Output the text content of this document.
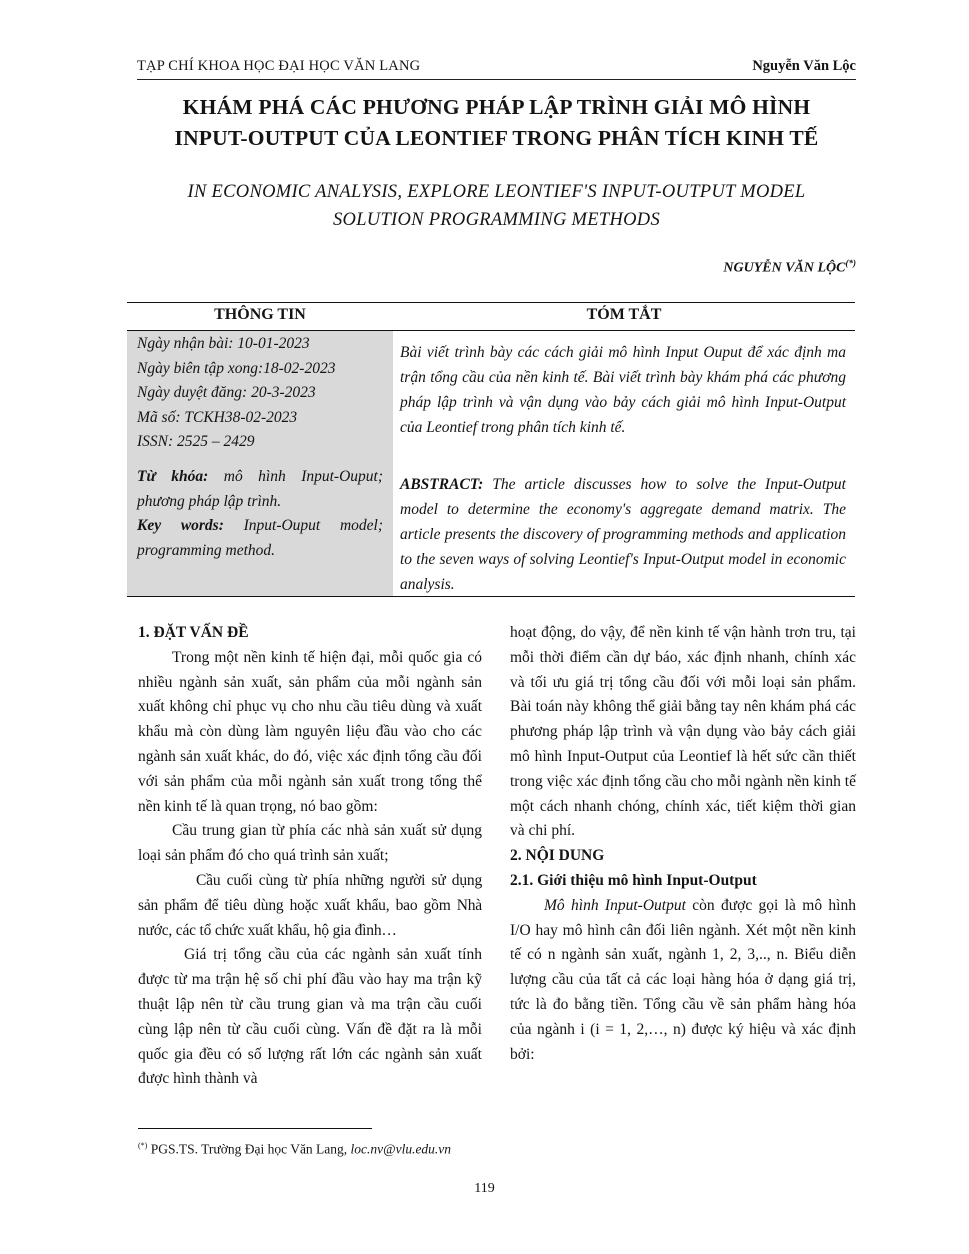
TẠP CHÍ KHOA HỌC ĐẠI HỌC VĂN LANG	Nguyễn Văn Lộc
KHÁM PHÁ CÁC PHƯƠNG PHÁP LẬP TRÌNH GIẢI MÔ HÌNH
INPUT-OUTPUT CỦA LEONTIEF TRONG PHÂN TÍCH KINH TẾ
IN ECONOMIC ANALYSIS, EXPLORE LEONTIEF'S INPUT-OUTPUT MODEL
SOLUTION PROGRAMMING METHODS
NGUYỄN VĂN LỘC(*)
THÔNG TIN	TÓM TẮT
Ngày nhận bài: 10-01-2023
Ngày biên tập xong:18-02-2023
Ngày duyệt đăng: 20-3-2023
Mã số: TCKH38-02-2023
ISSN: 2525 – 2429
Từ khóa: mô hình Input-Ouput; phương pháp lập trình.
Key words: Input-Ouput model; programming method.
Bài viết trình bày các cách giải mô hình Input Ouput để xác định ma trận tổng cầu của nền kinh tế. Bài viết trình bày khám phá các phương pháp lập trình và vận dụng vào bảy cách giải mô hình Input-Output của Leontief trong phân tích kinh tế.
ABSTRACT: The article discusses how to solve the Input-Output model to determine the economy's aggregate demand matrix. The article presents the discovery of programming methods and application to the seven ways of solving Leontief's Input-Output model in economic analysis.

1. ĐẶT VẤN ĐỀ

Trong một nền kinh tế hiện đại, mỗi quốc gia có nhiều ngành sản xuất, sản phẩm của mỗi ngành sản xuất không chỉ phục vụ cho nhu cầu tiêu dùng và xuất khẩu mà còn dùng làm nguyên liệu đầu vào cho các ngành sản xuất khác, do đó, việc xác định tổng cầu đối với sản phẩm của mỗi ngành sản xuất trong tổng thể nền kinh tế là quan trọng, nó bao gồm:

Cầu trung gian từ phía các nhà sản xuất sử dụng loại sản phẩm đó cho quá trình sản xuất;

Cầu cuối cùng từ phía những người sử dụng sản phẩm để tiêu dùng hoặc xuất khẩu, bao gồm Nhà nước, các tổ chức xuất khẩu, hộ gia đình…

Giá trị tổng cầu của các ngành sản xuất tính được từ ma trận hệ số chi phí đầu vào hay ma trận kỹ thuật lập nên từ cầu trung gian và ma trận cầu cuối cùng lập nên từ cầu cuối cùng. Vấn đề đặt ra là mỗi quốc gia đều có số lượng rất lớn các ngành sản xuất được hình thành và

hoạt động, do vậy, để nền kinh tế vận hành trơn tru, tại mỗi thời điểm cần dự báo, xác định nhanh, chính xác và tối ưu giá trị tổng cầu đối với mỗi loại sản phẩm. Bài toán này không thể giải bằng tay nên khám phá các phương pháp lập trình và vận dụng vào bảy cách giải mô hình Input-Output của Leontief là hết sức cần thiết trong việc xác định tổng cầu cho mỗi ngành nền kinh tế một cách nhanh chóng, chính xác, tiết kiệm thời gian và chi phí.

2. NỘI DUNG

2.1. Giới thiệu mô hình Input-Output

Mô hình Input-Output còn được gọi là mô hình I/O hay mô hình cân đối liên ngành. Xét một nền kinh tế có n ngành sản xuất, ngành 1, 2, 3,.., n. Biểu diễn lượng cầu của tất cả các loại hàng hóa ở dạng giá trị, tức là đo bằng tiền. Tổng cầu về sản phẩm hàng hóa của ngành i (i = 1, 2,…, n) được ký hiệu và xác định bởi:

(*) PGS.TS. Trường Đại học Văn Lang, loc.nv@vlu.edu.vn
119
